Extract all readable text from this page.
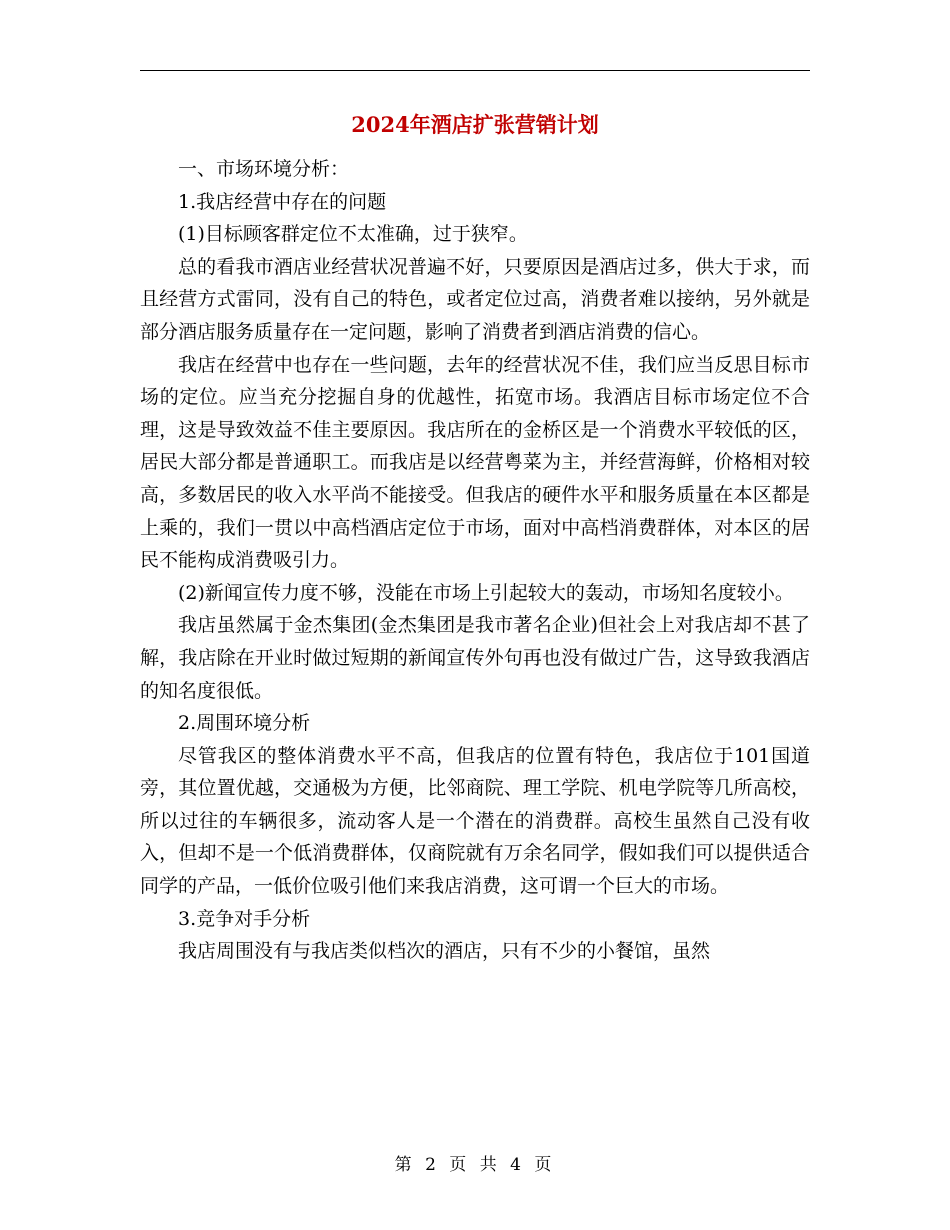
2024年酒店扩张营销计划

一、市场环境分析：

1.我店经营中存在的问题

(1)目标顾客群定位不太准确，过于狭窄。

总的看我市酒店业经营状况普遍不好，只要原因是酒店过多，供大于求，而且经营方式雷同，没有自己的特色，或者定位过高，消费者难以接纳，另外就是部分酒店服务质量存在一定问题，影响了消费者到酒店消费的信心。

我店在经营中也存在一些问题，去年的经营状况不佳，我们应当反思目标市场的定位。应当充分挖掘自身的优越性，拓宽市场。我酒店目标市场定位不合理，这是导致效益不佳主要原因。我店所在的金桥区是一个消费水平较低的区，居民大部分都是普通职工。而我店是以经营粤菜为主，并经营海鲜，价格相对较高，多数居民的收入水平尚不能接受。但我店的硬件水平和服务质量在本区都是上乘的，我们一贯以中高档酒店定位于市场，面对中高档消费群体，对本区的居民不能构成消费吸引力。

(2)新闻宣传力度不够，没能在市场上引起较大的轰动，市场知名度较小。

我店虽然属于金杰集团(金杰集团是我市著名企业)但社会上对我店却不甚了解，我店除在开业时做过短期的新闻宣传外句再也没有做过广告，这导致我酒店的知名度很低。

2.周围环境分析

尽管我区的整体消费水平不高，但我店的位置有特色，我店位于101国道旁，其位置优越，交通极为方便，比邻商院、理工学院、机电学院等几所高校，所以过往的车辆很多，流动客人是一个潜在的消费群。高校生虽然自己没有收入，但却不是一个低消费群体，仅商院就有万余名同学，假如我们可以提供适合同学的产品，一低价位吸引他们来我店消费，这可谓一个巨大的市场。

3.竞争对手分析

我店周围没有与我店类似档次的酒店，只有不少的小餐馆，虽然

第 2 页 共 4 页
